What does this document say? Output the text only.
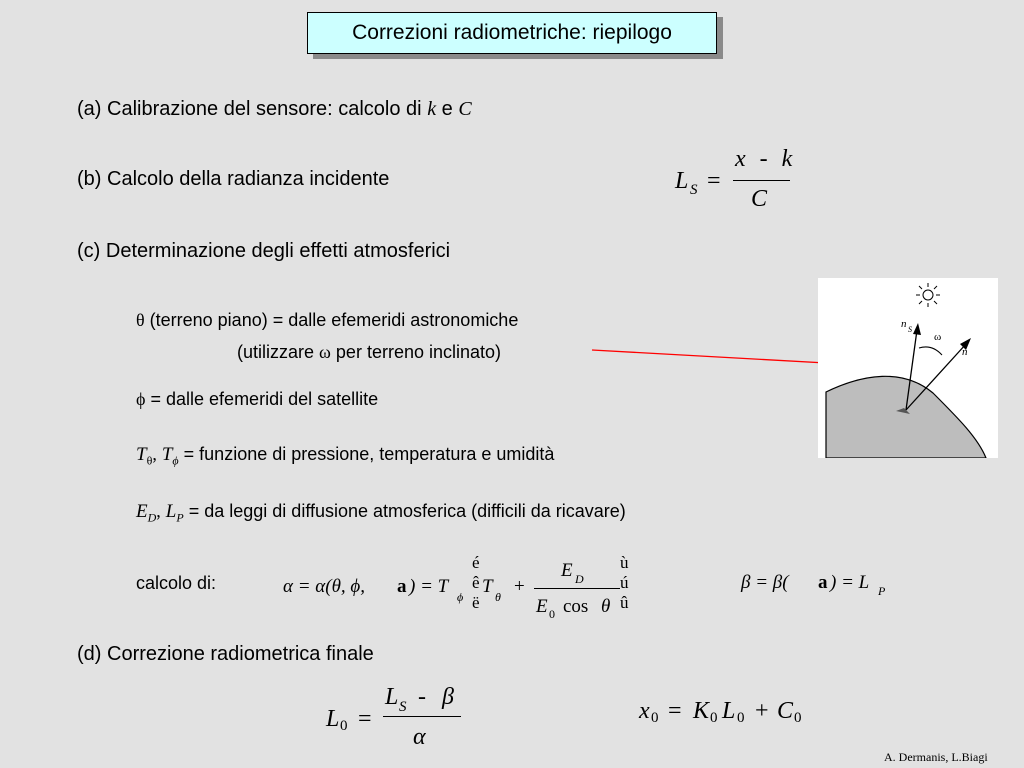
Correzioni radiometriche: riepilogo
(a) Calibrazione del sensore: calcolo di k e C
(b) Calcolo della radianza incidente	L S =
x - k
C
(c) Determinazione degli effetti atmosferici
θ (terreno piano) = dalle efemeridi astronomiche
(utilizzare ω per terreno inclinato)
ϕ = dalle efemeridi del satellite
$T_\theta$, $T_\phi$ = funzione di pressione, temperatura e umidità
$E_D$, $L_P$ = da leggi di diffusione atmosferica (difficili da ricavare)
calcolo di:	α = α(θ, ϕ, a ) = T ϕ
é
ê
ë
T θ +
E D
E 0 cos θ
ù
ú
û
β = β( a ) = L P
(d) Correzione radiometrica finale
L 0 =
L S - β
α
x 0 = K 0 L 0 + C 0
n S
ω
n
A. Dermanis, L.Biagi
